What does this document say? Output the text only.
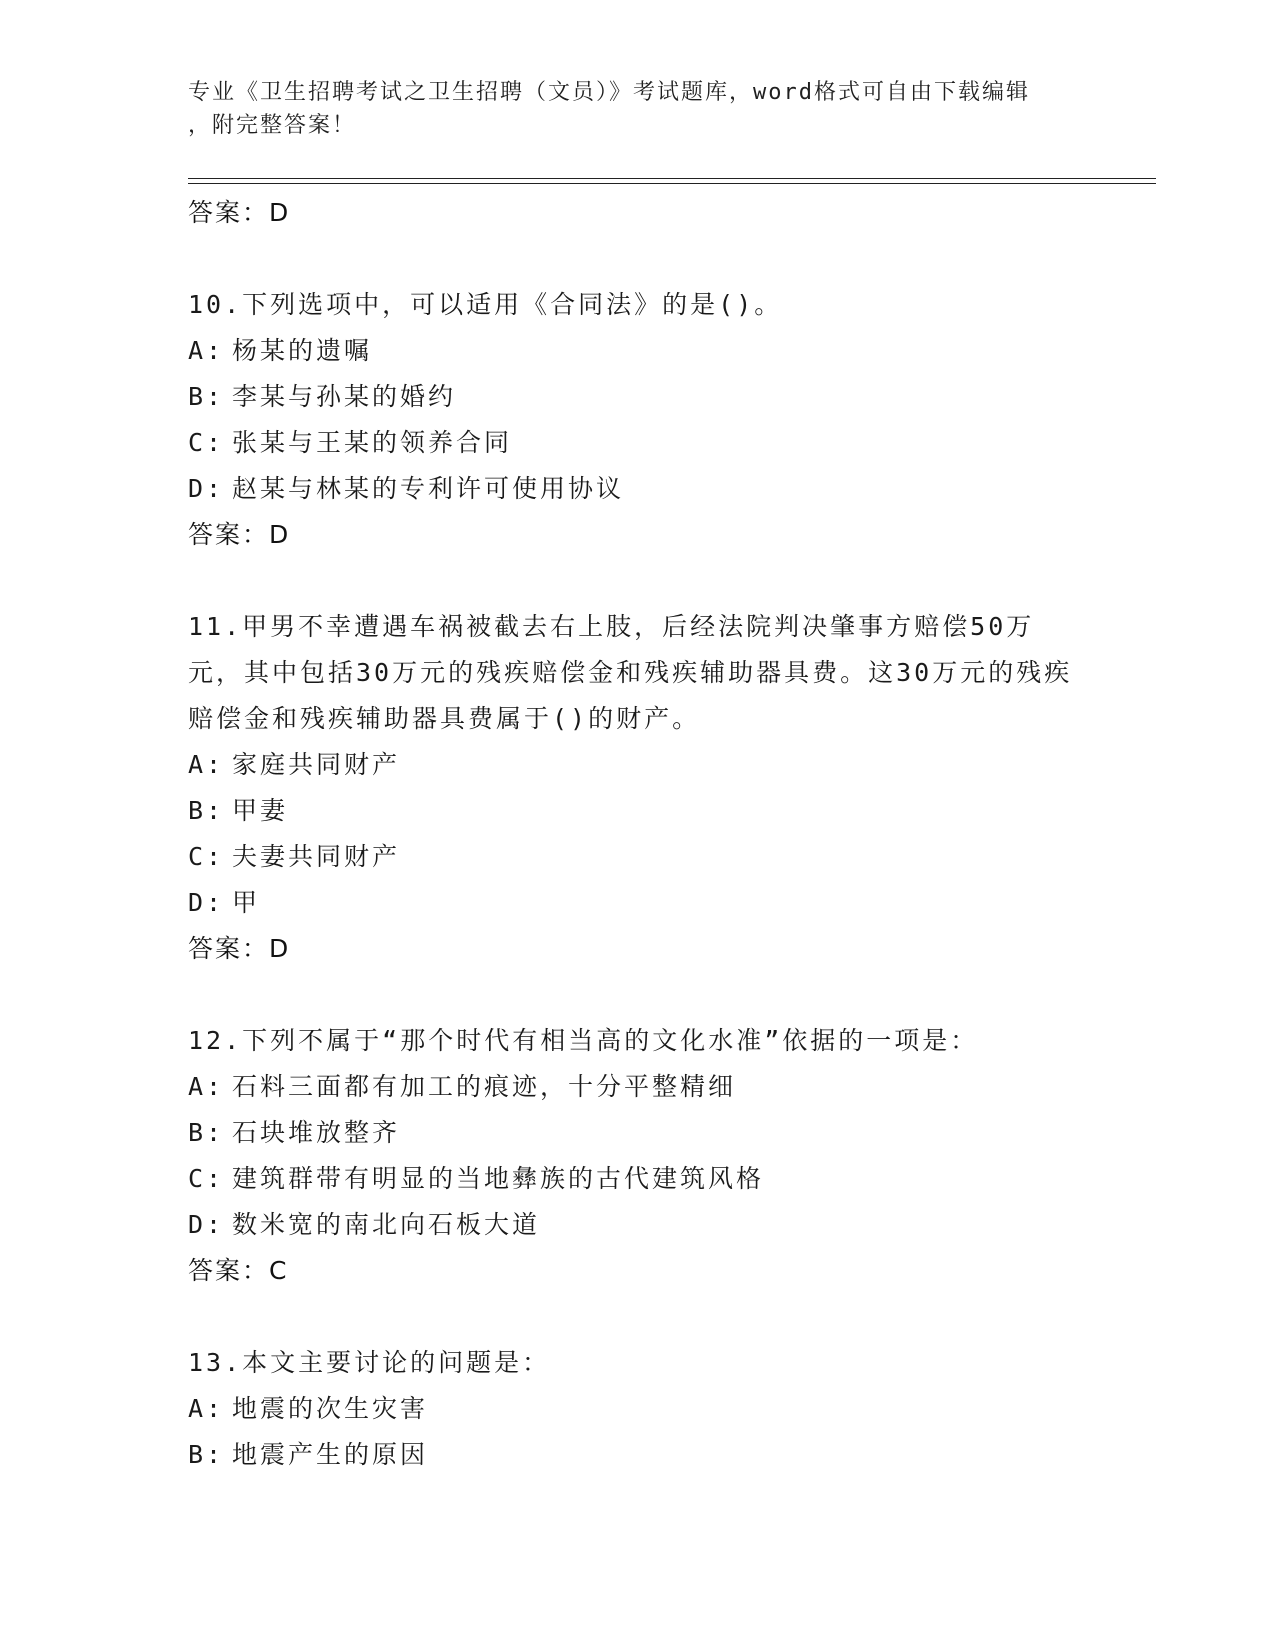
专业《卫生招聘考试之卫生招聘（文员）》考试题库，word格式可自由下载编辑
，附完整答案！

答案：D

10.下列选项中，可以适用《合同法》的是()。

A: 杨某的遗嘱

B: 李某与孙某的婚约

C: 张某与王某的领养合同

D: 赵某与林某的专利许可使用协议

答案：D

11.甲男不幸遭遇车祸被截去右上肢，后经法院判决肇事方赔偿50万元，其中包括30万元的残疾赔偿金和残疾辅助器具费。这30万元的残疾赔偿金和残疾辅助器具费属于()的财产。

A: 家庭共同财产

B: 甲妻

C: 夫妻共同财产

D: 甲

答案：D

12.下列不属于“那个时代有相当高的文化水准”依据的一项是：

A: 石料三面都有加工的痕迹，十分平整精细

B: 石块堆放整齐

C: 建筑群带有明显的当地彝族的古代建筑风格

D: 数米宽的南北向石板大道

答案：C

13.本文主要讨论的问题是：

A: 地震的次生灾害

B: 地震产生的原因
